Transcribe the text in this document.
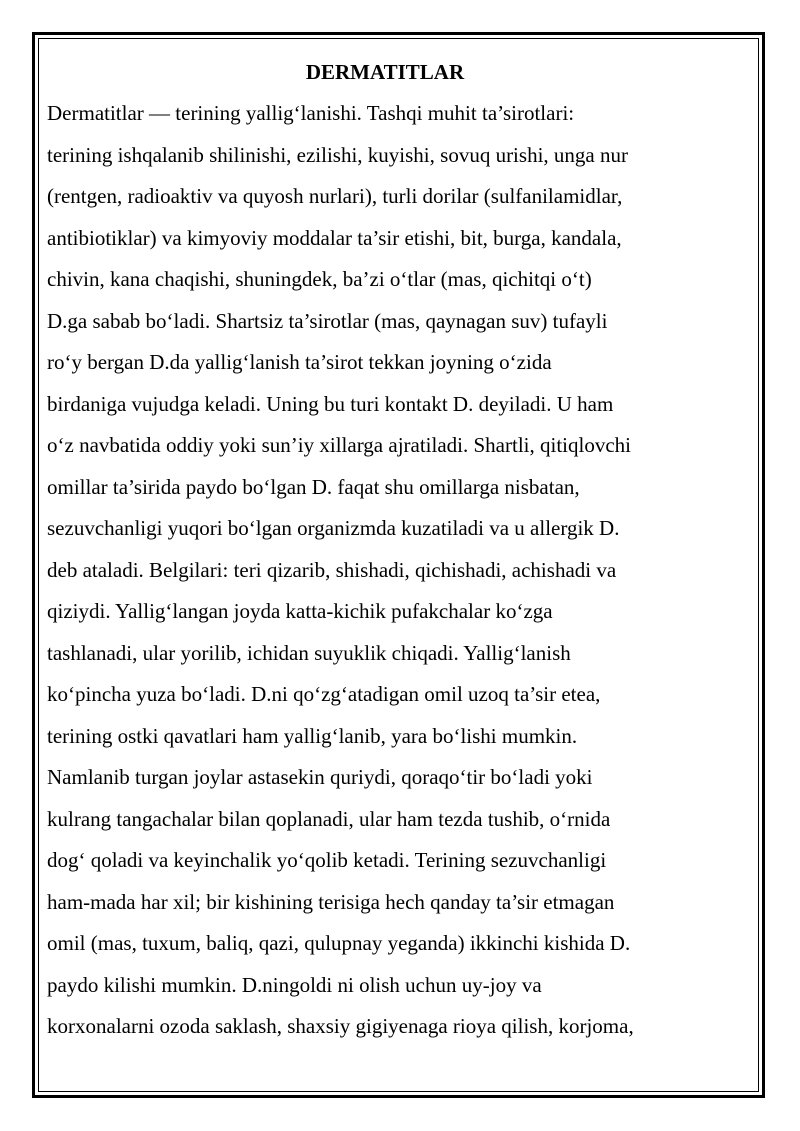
DERMATITLAR
Dermatitlar — terining yallig‘lanishi. Tashqi muhit ta’sirotlari:
terining ishqalanib shilinishi, ezilishi, kuyishi, sovuq urishi, unga nur
(rentgen, radioaktiv va quyosh nurlari), turli dorilar (sulfanilamidlar,
antibiotiklar) va kimyoviy moddalar ta’sir etishi, bit, burga, kandala,
chivin, kana chaqishi, shuningdek, ba’zi o‘tlar (mas, qichitqi o‘t)
D.ga sabab bo‘ladi. Shartsiz ta’sirotlar (mas, qaynagan suv) tufayli
ro‘y bergan D.da yallig‘lanish ta’sirot tekkan joyning o‘zida
birdaniga vujudga keladi. Uning bu turi kontakt D. deyiladi. U ham
o‘z navbatida oddiy yoki sun’iy xillarga ajratiladi. Shartli, qitiqlovchi
omillar ta’sirida paydo bo‘lgan D. faqat shu omillarga nisbatan,
sezuvchanligi yuqori bo‘lgan organizmda kuzatiladi va u allergik D.
deb ataladi. Belgilari: teri qizarib, shishadi, qichishadi, achishadi va
qiziydi. Yallig‘langan joyda katta-kichik pufakchalar ko‘zga
tashlanadi, ular yorilib, ichidan suyuklik chiqadi. Yallig‘lanish
ko‘pincha yuza bo‘ladi. D.ni qo‘zg‘atadigan omil uzoq ta’sir etea,
terining ostki qavatlari ham yallig‘lanib, yara bo‘lishi mumkin.
Namlanib turgan joylar astasekin quriydi, qoraqo‘tir bo‘ladi yoki
kulrang tangachalar bilan qoplanadi, ular ham tezda tushib, o‘rnida
dog‘ qoladi va keyinchalik yo‘qolib ketadi. Terining sezuvchanligi
ham-mada har xil; bir kishining terisiga hech qanday ta’sir etmagan
omil (mas, tuxum, baliq, qazi, qulupnay yeganda) ikkinchi kishida D.
paydo kilishi mumkin. D.ningoldi ni olish uchun uy-joy va
korxonalarni ozoda saklash, shaxsiy gigiyenaga rioya qilish, korjoma,
